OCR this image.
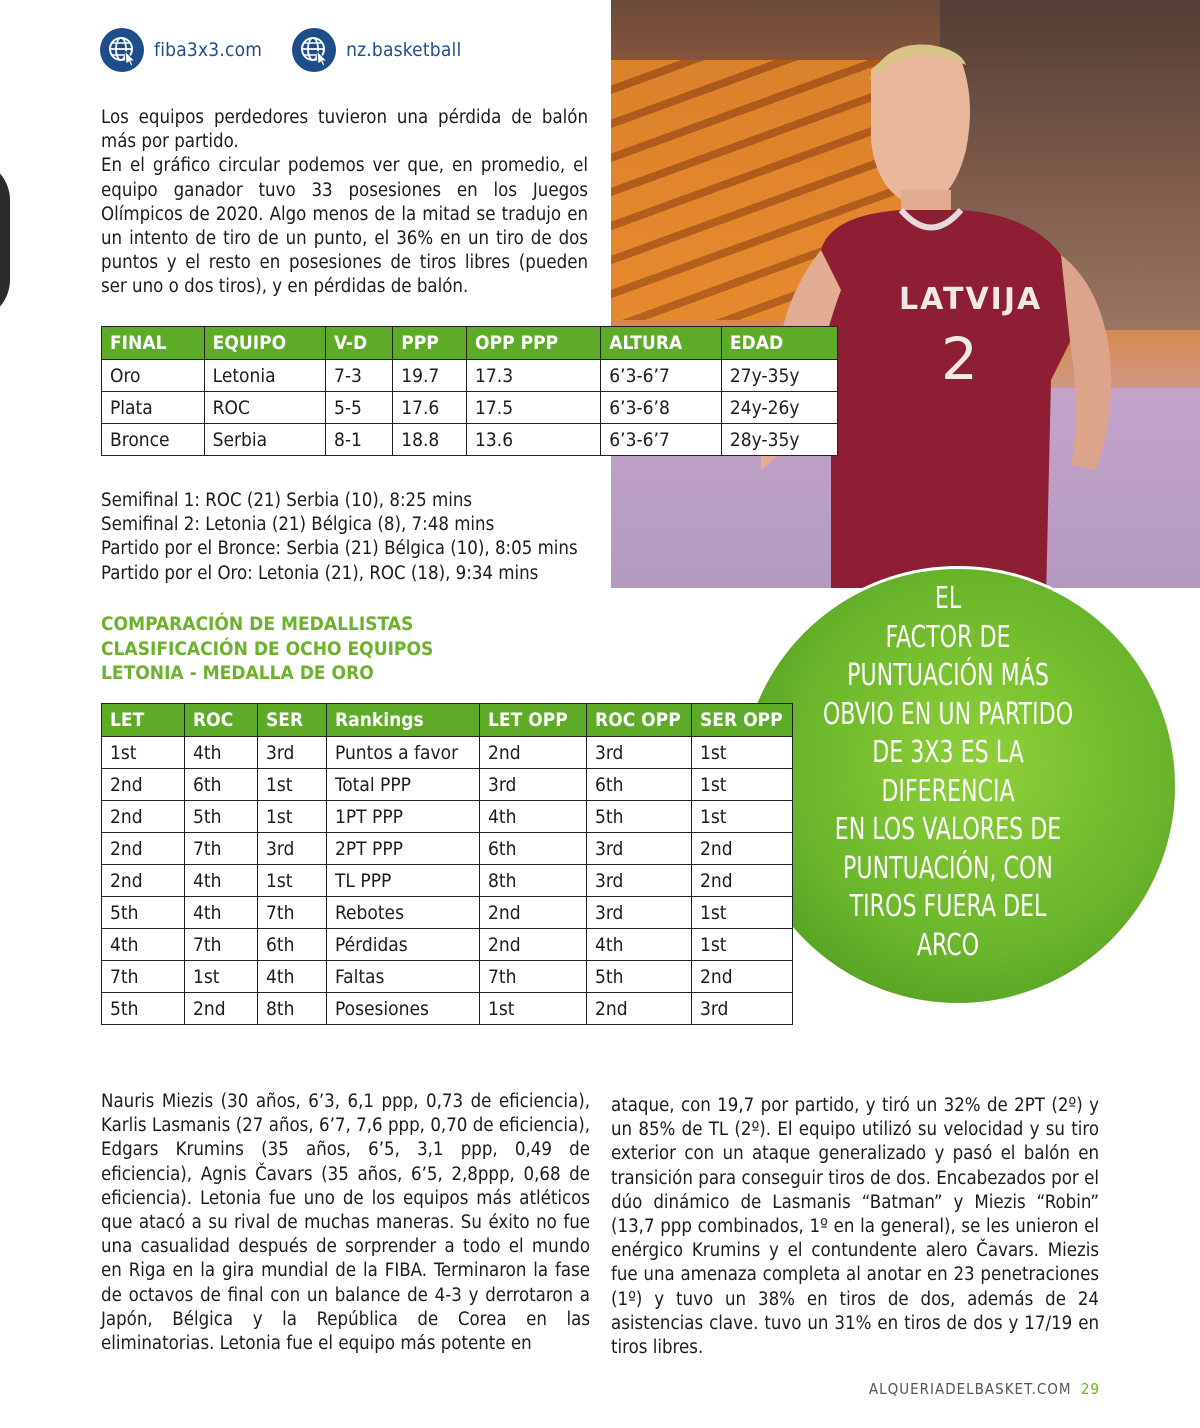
fiba3x3.com	nz.basketball
LATVIJA
2

Los equipos perdedores tuvieron una pérdida de balón más por partido.

En el gráfico circular podemos ver que, en promedio, el equipo ganador tuvo 33 posesiones en los Juegos Olímpicos de 2020. Algo menos de la mitad se tradujo en un intento de tiro de un punto, el 36% en un tiro de dos puntos y el resto en posesiones de tiros libres (pueden ser uno o dos tiros), y en pérdidas de balón.

FINAL	EQUIPO	V-D	PPP	OPP PPP	ALTURA	EDAD
Oro	Letonia	7-3	19.7	17.3	6’3-6’7	27y-35y
Plata	ROC	5-5	17.6	17.5	6’3-6’8	24y-26y
Bronce	Serbia	8-1	18.8	13.6	6’3-6’7	28y-35y

Semifinal 1: ROC (21) Serbia (10), 8:25 mins

Semifinal 2: Letonia (21) Bélgica (8), 7:48 mins

Partido por el Bronce: Serbia (21) Bélgica (10), 8:05 mins

Partido por el Oro: Letonia (21), ROC (18), 9:34 mins

COMPARACIÓN DE MEDALLISTAS
CLASIFICACIÓN DE OCHO EQUIPOS
LETONIA - MEDALLA DE ORO
EL
FACTOR DE
PUNTUACIÓN MÁS
OBVIO EN UN PARTIDO
DE 3X3 ES LA DIFERENCIA
EN LOS VALORES DE
PUNTUACIÓN, CON
TIROS FUERA DEL
ARCO
LET	ROC	SER	Rankings	LET OPP	ROC OPP	SER OPP
1st	4th	3rd	Puntos a favor	2nd	3rd	1st
2nd	6th	1st	Total PPP	3rd	6th	1st
2nd	5th	1st	1PT PPP	4th	5th	1st
2nd	7th	3rd	2PT PPP	6th	3rd	2nd
2nd	4th	1st	TL PPP	8th	3rd	2nd
5th	4th	7th	Rebotes	2nd	3rd	1st
4th	7th	6th	Pérdidas	2nd	4th	1st
7th	1st	4th	Faltas	7th	5th	2nd
5th	2nd	8th	Posesiones	1st	2nd	3rd

Nauris Miezis (30 años, 6’3, 6,1 ppp, 0,73 de eficiencia), Karlis Lasmanis (27 años, 6’7, 7,6 ppp, 0,70 de eficiencia), Edgars Krumins (35 años, 6’5, 3,1 ppp, 0,49 de eficiencia), Agnis Čavars (35 años, 6’5, 2,8ppp, 0,68 de eficiencia). Letonia fue uno de los equipos más atléticos que atacó a su rival de muchas maneras. Su éxito no fue una casualidad después de sorprender a todo el mundo en Riga en la gira mundial de la FIBA. Terminaron la fase de octavos de final con un balance de 4-3 y derrotaron a Japón, Bélgica y la República de Corea en las eliminatorias. Letonia fue el equipo más potente en

ataque, con 19,7 por partido, y tiró un 32% de 2PT (2º) y un 85% de TL (2º). El equipo utilizó su velocidad y su tiro exterior con un ataque generalizado y pasó el balón en transición para conseguir tiros de dos. Encabezados por el dúo dinámico de Lasmanis “Batman” y Miezis “Robin” (13,7 ppp combinados, 1º en la general), se les unieron el enérgico Krumins y el contundente alero Čavars. Miezis fue una amenaza completa al anotar en 23 penetraciones (1º) y tuvo un 38% en tiros de dos, además de 24 asistencias clave. tuvo un 31% en tiros de dos y 17/19 en tiros libres.

ALQUERIADELBASKET.COM 29
